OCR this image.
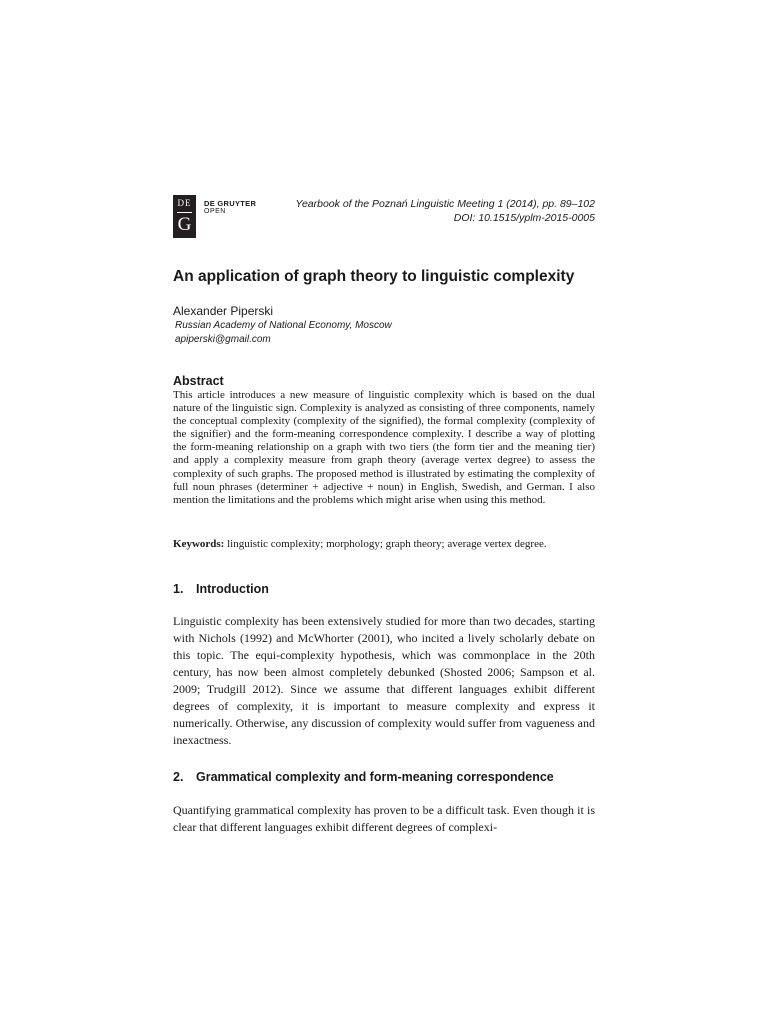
DE
G
DE GRUYTER
OPEN
Yearbook of the Poznań Linguistic Meeting 1 (2014), pp. 89–102
DOI: 10.1515/yplm-2015-0005
An application of graph theory to linguistic complexity
Alexander Piperski
Russian Academy of National Economy, Moscow
apiperski@gmail.com
Abstract

This article introduces a new measure of linguistic complexity which is based on the dual nature of the linguistic sign. Complexity is analyzed as consisting of three components, namely the conceptual complexity (complexity of the signified), the formal complexity (complexity of the signifier) and the form-meaning correspondence complexity. I describe a way of plotting the form-meaning relationship on a graph with two tiers (the form tier and the meaning tier) and apply a complexity measure from graph theory (average vertex degree) to assess the complexity of such graphs. The proposed method is illustrated by estimating the complexity of full noun phrases (determiner + adjective + noun) in English, Swedish, and German. I also mention the limitations and the problems which might arise when using this method.

Keywords: linguistic complexity; morphology; graph theory; average vertex degree.

1. Introduction

Linguistic complexity has been extensively studied for more than two decades, starting with Nichols (1992) and McWhorter (2001), who incited a lively scholarly debate on this topic. The equi-complexity hypothesis, which was commonplace in the 20th century, has now been almost completely debunked (Shosted 2006; Sampson et al. 2009; Trudgill 2012). Since we assume that different languages exhibit different degrees of complexity, it is important to measure complexity and express it numerically. Otherwise, any discussion of complexity would suffer from vagueness and inexactness.

2. Grammatical complexity and form-meaning correspondence

Quantifying grammatical complexity has proven to be a difficult task. Even though it is clear that different languages exhibit different degrees of complexi-
